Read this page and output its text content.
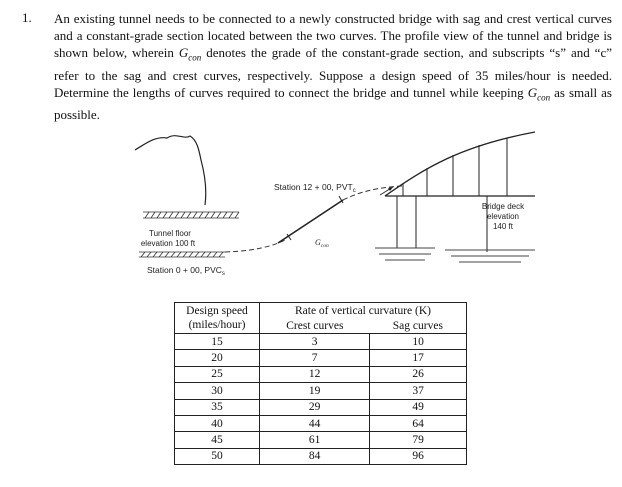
1. An existing tunnel needs to be connected to a newly constructed bridge with sag and crest vertical curves and a constant-grade section located between the two curves. The profile view of the tunnel and bridge is shown below, wherein $G_{con}$ denotes the grade of the constant-grade section, and subscripts “s” and “c” refer to the sag and crest curves, respectively. Suppose a design speed of 35 miles/hour is needed. Determine the lengths of curves required to connect the bridge and tunnel while keeping $G_{con}$ as small as possible.
Station 12 + 00, $PVT_c$
Bridge deck
elevation
140 ft
Tunnel floor
elevation 100 ft
Station 0 + 00, $PVC_s$
$G_{con}$
Design speed
(miles/hour)	Rate of vertical curvature (K)	
	Crest curves	Sag curves
15	3	10
20	7	17
25	12	26
30	19	37
35	29	49
40	44	64
45	61	79
50	84	96
